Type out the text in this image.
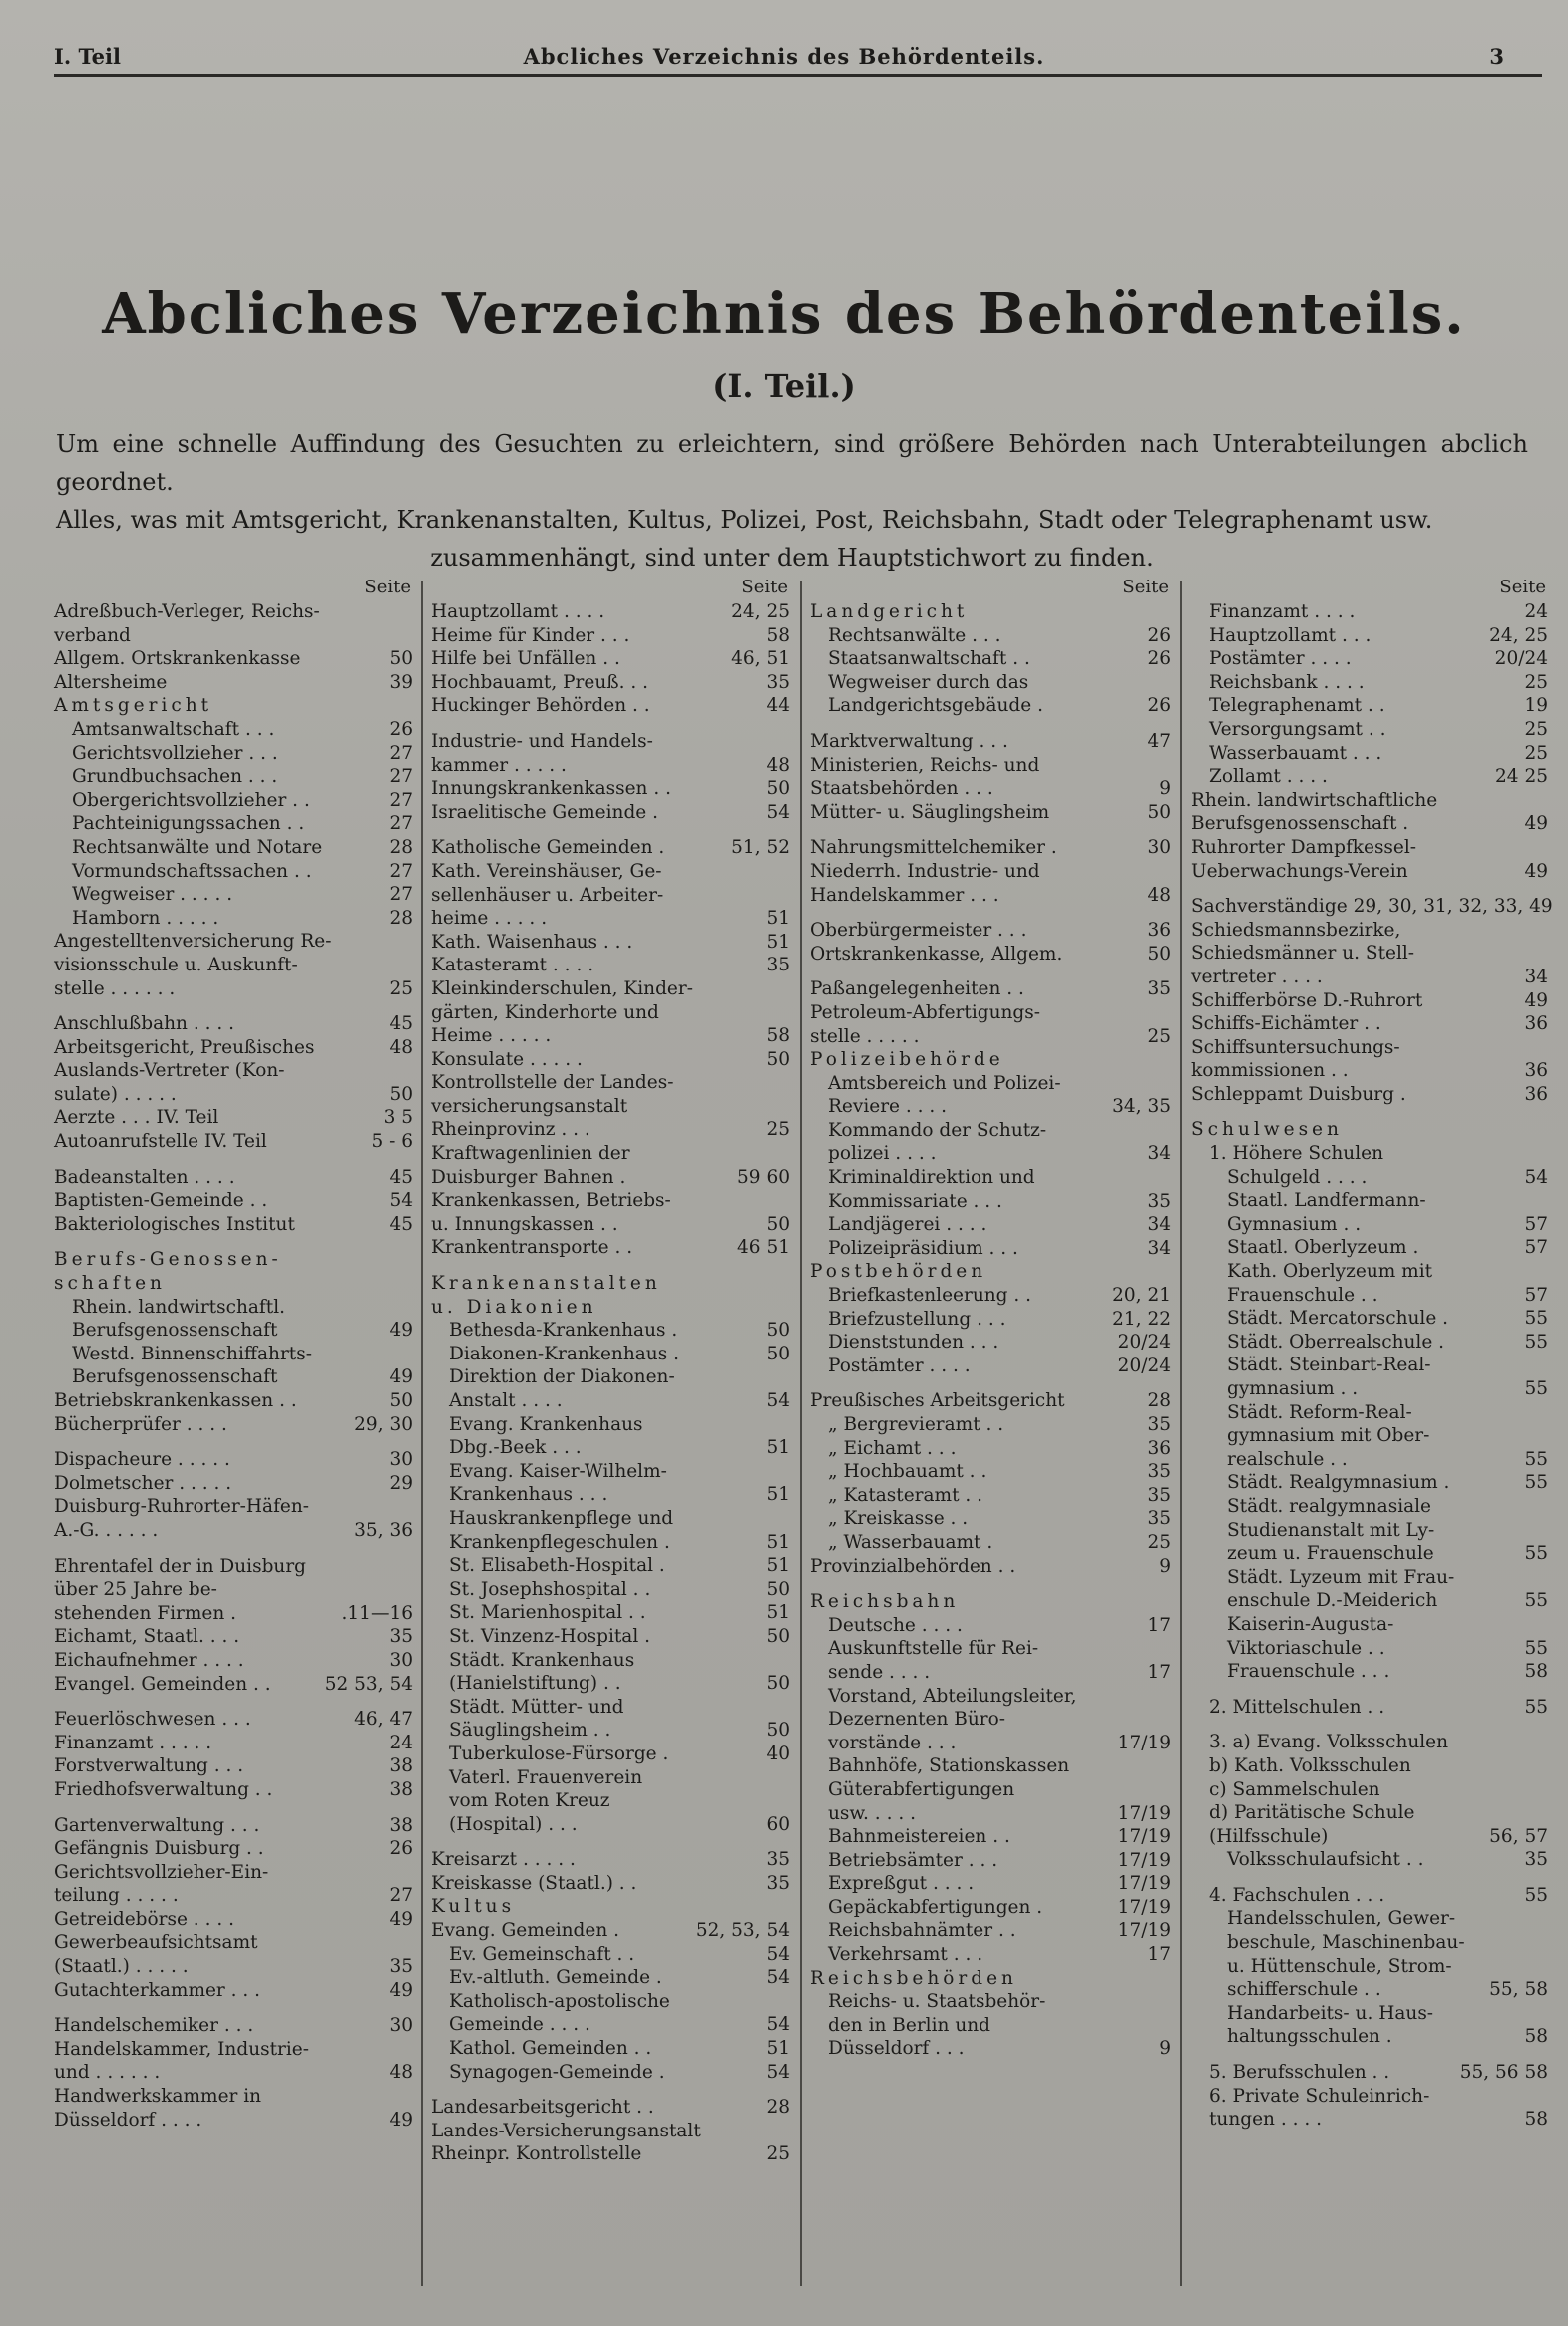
I. Teil	Abcliches Verzeichnis des Behördenteils.	3
Abcliches Verzeichnis des Behördenteils.
(I. Teil.)

Um eine schnelle Auffindung des Gesuchten zu erleichtern, sind größere Behörden nach Unterabteilungen abclich geordnet.

Alles, was mit Amtsgericht, Krankenanstalten, Kultus, Polizei, Post, Reichsbahn, Stadt oder Telegraphenamt usw.

zusammenhängt, sind unter dem Hauptstichwort zu finden.

Seite
Adreßbuch-Verleger, Reichs-
verband
Allgem. Ortskrankenkasse	50
Altersheime	39
Amtsgericht
Amtsanwaltschaft . . .	26
Gerichtsvollzieher . . .	27
Grundbuchsachen . . .	27
Obergerichtsvollzieher . .	27
Pachteinigungssachen . .	27
Rechtsanwälte und Notare	28
Vormundschaftssachen . .	27
Wegweiser . . . . .	27
Hamborn . . . . .	28
Angestelltenversicherung Re-
visionsschule u. Auskunft-
stelle . . . . . .	25
Anschlußbahn . . . .	45
Arbeitsgericht, Preußisches	48
Auslands-Vertreter (Kon-
sulate) . . . . .	50
Aerzte . . . IV. Teil	3 5
Autoanrufstelle IV. Teil	5 - 6
Badeanstalten . . . .	45
Baptisten-Gemeinde . .	54
Bakteriologisches Institut	45
Berufs-Genossen-
schaften
Rhein. landwirtschaftl.
Berufsgenossenschaft	49
Westd. Binnenschiffahrts-
Berufsgenossenschaft	49
Betriebskrankenkassen . .	50
Bücherprüfer . . . .	29, 30
Dispacheure . . . . .	30
Dolmetscher . . . . .	29
Duisburg-Ruhrorter-Häfen-
A.-G. . . . . .	35, 36
Ehrentafel der in Duisburg
über 25 Jahre be-
stehenden Firmen .	.11—16
Eichamt, Staatl. . . .	35
Eichaufnehmer . . . .	30
Evangel. Gemeinden . .	52 53, 54
Feuerlöschwesen . . .	46, 47
Finanzamt . . . . .	24
Forstverwaltung . . .	38
Friedhofsverwaltung . .	38
Gartenverwaltung . . .	38
Gefängnis Duisburg . .	26
Gerichtsvollzieher-Ein-
teilung . . . . .	27
Getreidebörse . . . .	49
Gewerbeaufsichtsamt
(Staatl.) . . . . .	35
Gutachterkammer . . .	49
Handelschemiker . . .	30
Handelskammer, Industrie-
und . . . . . .	48
Handwerkskammer in
Düsseldorf . . . .	49
Seite
Hauptzollamt . . . .	24, 25
Heime für Kinder . . .	58
Hilfe bei Unfällen . .	46, 51
Hochbauamt, Preuß. . .	35
Huckinger Behörden . .	44
Industrie- und Handels-
kammer . . . . .	48
Innungskrankenkassen . .	50
Israelitische Gemeinde .	54
Katholische Gemeinden .	51, 52
Kath. Vereinshäuser, Ge-
sellenhäuser u. Arbeiter-
heime . . . . .	51
Kath. Waisenhaus . . .	51
Katasteramt . . . .	35
Kleinkinderschulen, Kinder-
gärten, Kinderhorte und
Heime . . . . .	58
Konsulate . . . . .	50
Kontrollstelle der Landes-
versicherungsanstalt
Rheinprovinz . . .	25
Kraftwagenlinien der
Duisburger Bahnen .	59 60
Krankenkassen, Betriebs-
u. Innungskassen . .	50
Krankentransporte . .	46 51
Krankenanstalten
u. Diakonien
Bethesda-Krankenhaus .	50
Diakonen-Krankenhaus .	50
Direktion der Diakonen-
Anstalt . . . .	54
Evang. Krankenhaus
Dbg.-Beek . . .	51
Evang. Kaiser-Wilhelm-
Krankenhaus . . .	51
Hauskrankenpflege und
Krankenpflegeschulen .	51
St. Elisabeth-Hospital .	51
St. Josephshospital . .	50
St. Marienhospital . .	51
St. Vinzenz-Hospital .	50
Städt. Krankenhaus
(Hanielstiftung) . .	50
Städt. Mütter- und
Säuglingsheim . .	50
Tuberkulose-Fürsorge .	40
Vaterl. Frauenverein
vom Roten Kreuz
(Hospital) . . .	60
Kreisarzt . . . . .	35
Kreiskasse (Staatl.) . .	35
Kultus
Evang. Gemeinden .	52, 53, 54
Ev. Gemeinschaft . .	54
Ev.-altluth. Gemeinde .	54
Katholisch-apostolische
Gemeinde . . . .	54
Kathol. Gemeinden . .	51
Synagogen-Gemeinde .	54
Landesarbeitsgericht . .	28
Landes-Versicherungsanstalt
Rheinpr. Kontrollstelle	25
Seite
Landgericht
Rechtsanwälte . . .	26
Staatsanwaltschaft . .	26
Wegweiser durch das
Landgerichtsgebäude .	26
Marktverwaltung . . .	47
Ministerien, Reichs- und
Staatsbehörden . . .	9
Mütter- u. Säuglingsheim	50
Nahrungsmittelchemiker .	30
Niederrh. Industrie- und
Handelskammer . . .	48
Oberbürgermeister . . .	36
Ortskrankenkasse, Allgem.	50
Paßangelegenheiten . .	35
Petroleum-Abfertigungs-
stelle . . . . .	25
Polizeibehörde
Amtsbereich und Polizei-
Reviere . . . .	34, 35
Kommando der Schutz-
polizei . . . .	34
Kriminaldirektion und
Kommissariate . . .	35
Landjägerei . . . .	34
Polizeipräsidium . . .	34
Postbehörden
Briefkastenleerung . .	20, 21
Briefzustellung . . .	21, 22
Dienststunden . . .	20/24
Postämter . . . .	20/24
Preußisches Arbeitsgericht	28
„ Bergrevieramt . .	35
„ Eichamt . . .	36
„ Hochbauamt . .	35
„ Katasteramt . .	35
„ Kreiskasse . .	35
„ Wasserbauamt .	25
Provinzialbehörden . .	9
Reichsbahn
Deutsche . . . .	17
Auskunftstelle für Rei-
sende . . . .	17
Vorstand, Abteilungsleiter,
Dezernenten Büro-
vorstände . . .	17/19
Bahnhöfe, Stationskassen
Güterabfertigungen
usw. . . . .	17/19
Bahnmeistereien . .	17/19
Betriebsämter . . .	17/19
Expreßgut . . . .	17/19
Gepäckabfertigungen .	17/19
Reichsbahnämter . .	17/19
Verkehrsamt . . .	17
Reichsbehörden
Reichs- u. Staatsbehör-
den in Berlin und
Düsseldorf . . .	9
Seite
Finanzamt . . . .	24
Hauptzollamt . . .	24, 25
Postämter . . . .	20/24
Reichsbank . . . .	25
Telegraphenamt . .	19
Versorgungsamt . .	25
Wasserbauamt . . .	25
Zollamt . . . .	24 25
Rhein. landwirtschaftliche
Berufsgenossenschaft .	49
Ruhrorter Dampfkessel-
Ueberwachungs-Verein	49
Sachverständige 29, 30, 31, 32, 33, 49
Schiedsmannsbezirke,
Schiedsmänner u. Stell-
vertreter . . . .	34
Schifferbörse D.-Ruhrort	49
Schiffs-Eichämter . .	36
Schiffsuntersuchungs-
kommissionen . .	36
Schleppamt Duisburg .	36
Schulwesen
1. Höhere Schulen
Schulgeld . . . .	54
Staatl. Landfermann-
Gymnasium . .	57
Staatl. Oberlyzeum .	57
Kath. Oberlyzeum mit
Frauenschule . .	57
Städt. Mercatorschule .	55
Städt. Oberrealschule .	55
Städt. Steinbart-Real-
gymnasium . .	55
Städt. Reform-Real-
gymnasium mit Ober-
realschule . .	55
Städt. Realgymnasium .	55
Städt. realgymnasiale
Studienanstalt mit Ly-
zeum u. Frauenschule	55
Städt. Lyzeum mit Frau-
enschule D.-Meiderich	55
Kaiserin-Augusta-
Viktoriaschule . .	55
Frauenschule . . .	58
2. Mittelschulen . .	55
3. a) Evang. Volksschulen
b) Kath. Volksschulen
c) Sammelschulen
d) Paritätische Schule
(Hilfsschule)	56, 57
Volksschulaufsicht . .	35
4. Fachschulen . . .	55
Handelsschulen, Gewer-
beschule, Maschinenbau-
u. Hüttenschule, Strom-
schifferschule . .	55, 58
Handarbeits- u. Haus-
haltungsschulen .	58
5. Berufsschulen . .	55, 56 58
6. Private Schuleinrich-
tungen . . . .	58
